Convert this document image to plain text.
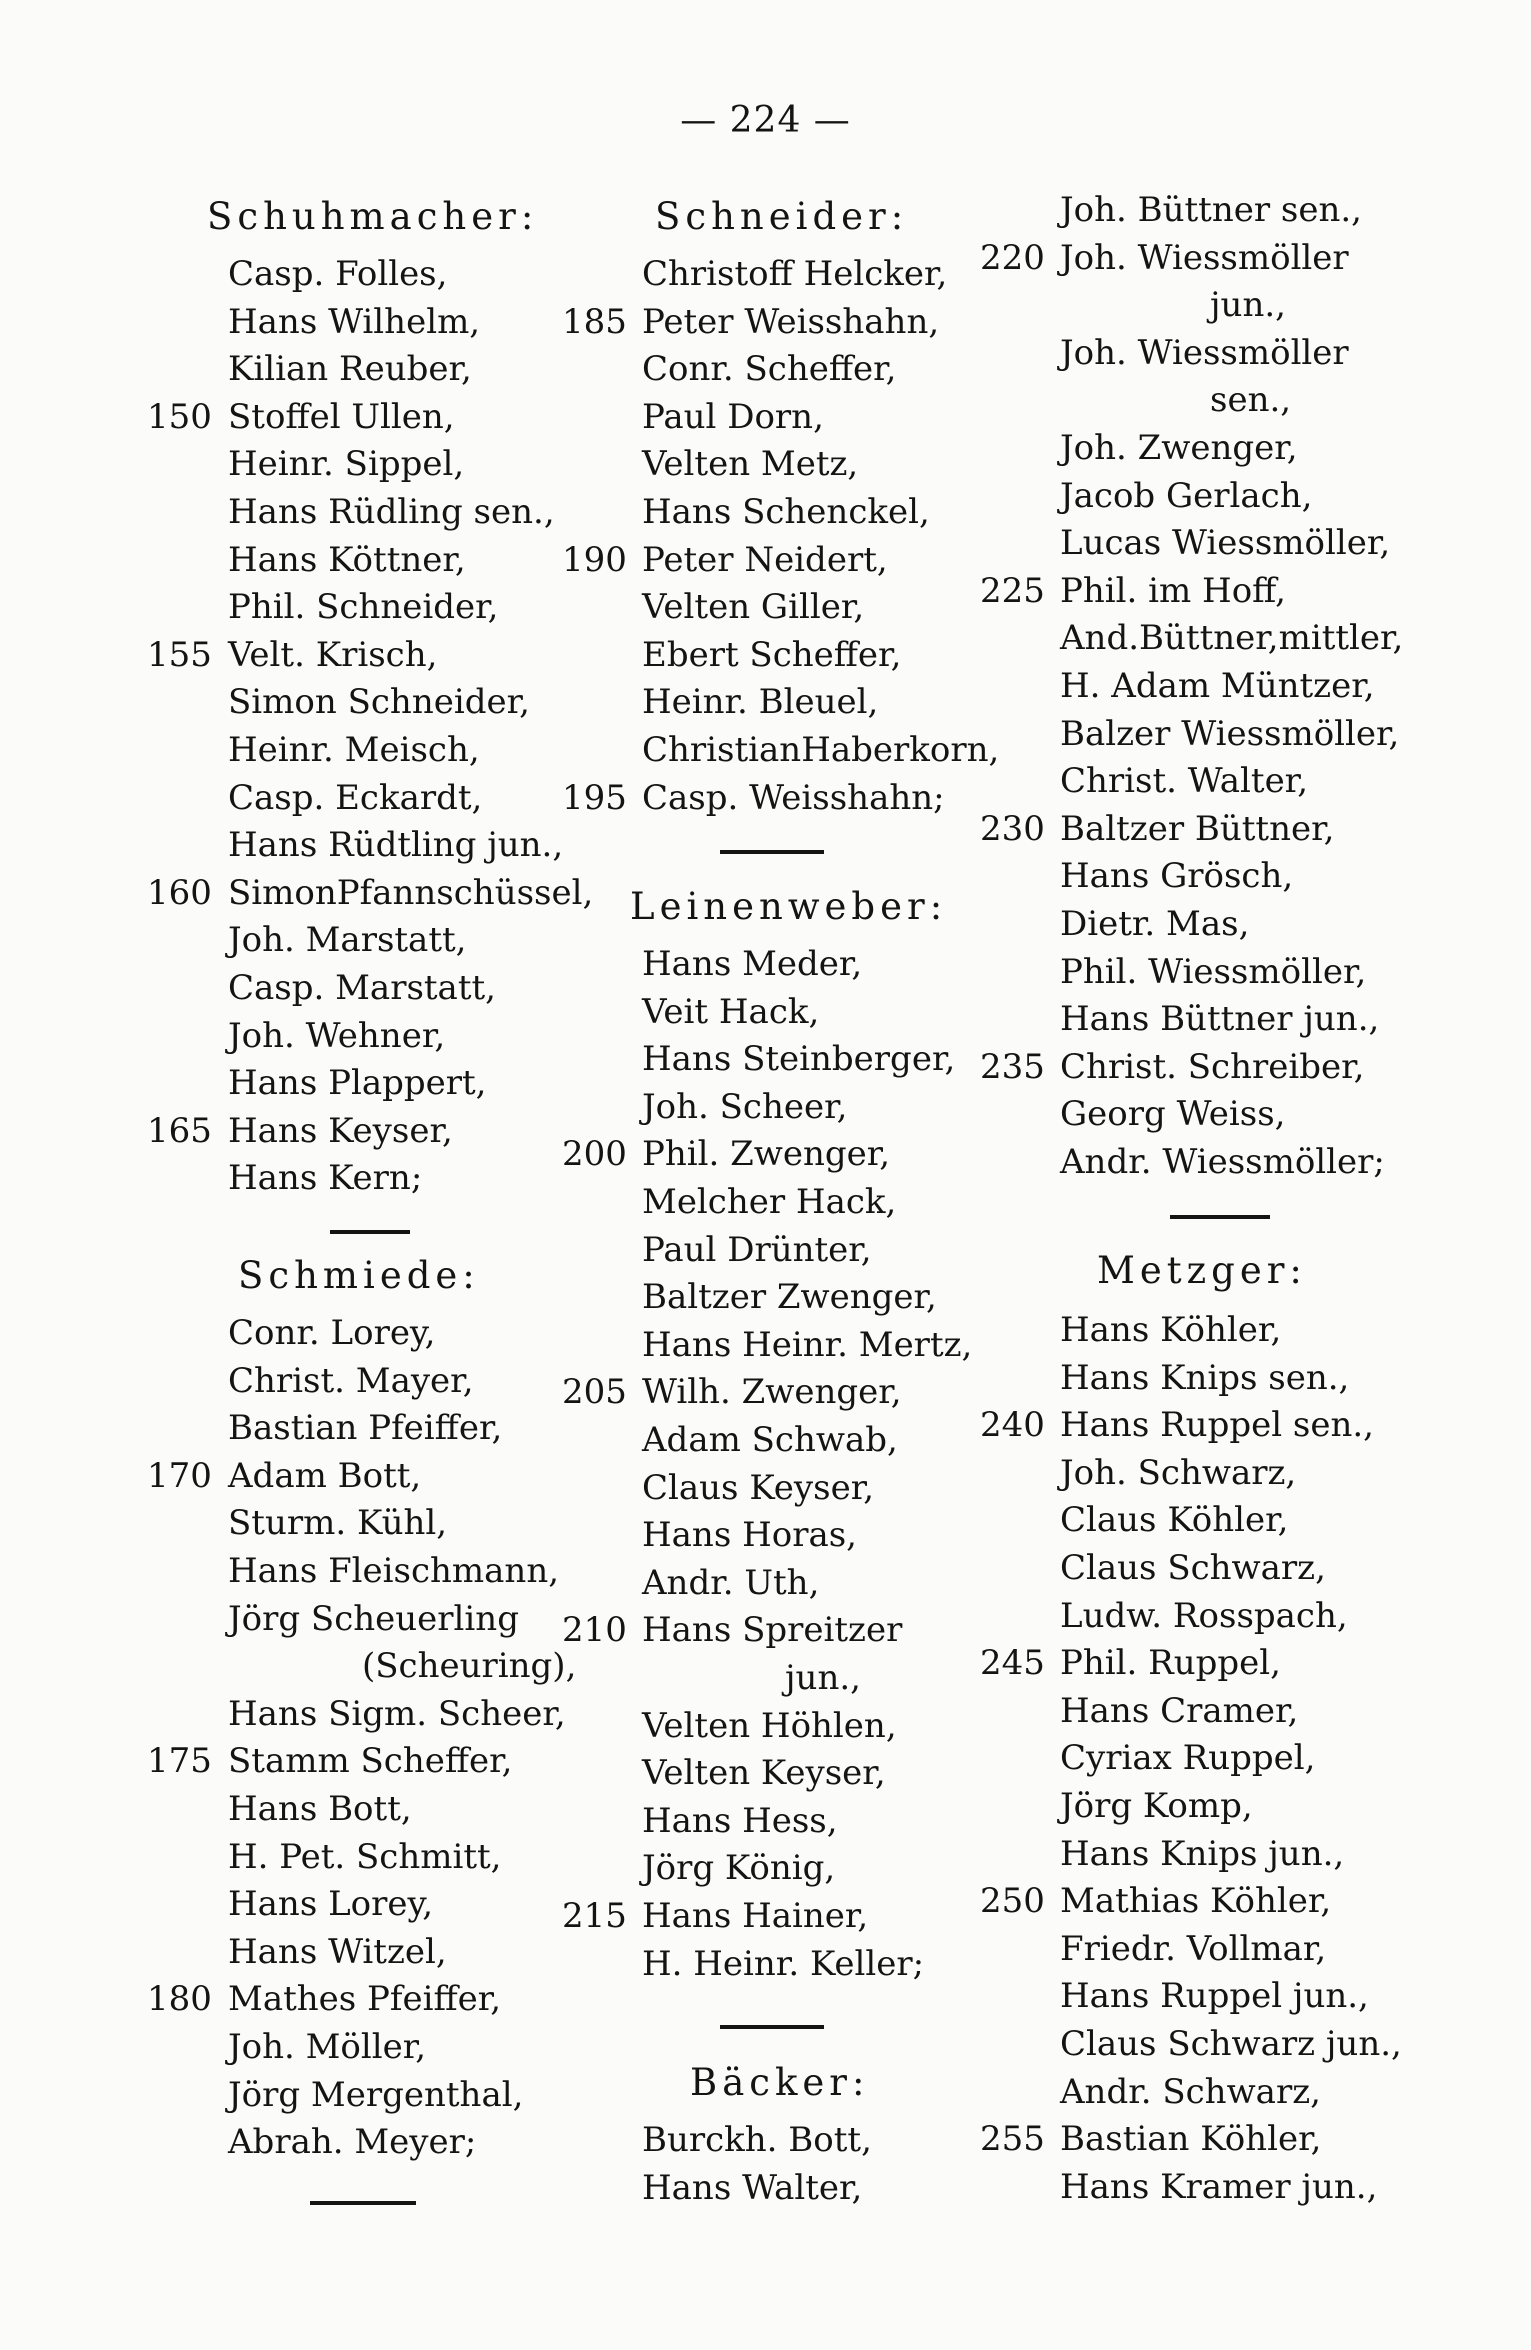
— 224 —
Schuhmacher:
Casp. Folles,
Hans Wilhelm,
Kilian Reuber,
Stoffel Ullen,
150
Heinr. Sippel,
Hans Rüdling sen.,
Hans Köttner,
Phil. Schneider,
Velt. Krisch,
155
Simon Schneider,
Heinr. Meisch,
Casp. Eckardt,
Hans Rüdtling jun.,
SimonPfannschüssel,
160
Joh. Marstatt,
Casp. Marstatt,
Joh. Wehner,
Hans Plappert,
Hans Keyser,
165
Hans Kern;
Schmiede:
Conr. Lorey,
Christ. Mayer,
Bastian Pfeiffer,
Adam Bott,
170
Sturm. Kühl,
Hans Fleischmann,
Jörg Scheuerling
(Scheuring),
Hans Sigm. Scheer,
Stamm Scheffer,
175
Hans Bott,
H. Pet. Schmitt,
Hans Lorey,
Hans Witzel,
Mathes Pfeiffer,
180
Joh. Möller,
Jörg Mergenthal,
Abrah. Meyer;
Schneider:
Christoff Helcker,
Peter Weisshahn,
185
Conr. Scheffer,
Paul Dorn,
Velten Metz,
Hans Schenckel,
Peter Neidert,
190
Velten Giller,
Ebert Scheffer,
Heinr. Bleuel,
ChristianHaberkorn,
Casp. Weisshahn;
195
Leinenweber:
Hans Meder,
Veit Hack,
Hans Steinberger,
Joh. Scheer,
Phil. Zwenger,
200
Melcher Hack,
Paul Drünter,
Baltzer Zwenger,
Hans Heinr. Mertz,
Wilh. Zwenger,
205
Adam Schwab,
Claus Keyser,
Hans Horas,
Andr. Uth,
Hans Spreitzer
210
jun.,
Velten Höhlen,
Velten Keyser,
Hans Hess,
Jörg König,
Hans Hainer,
215
H. Heinr. Keller;
Bäcker:
Burckh. Bott,
Hans Walter,
Joh. Büttner sen.,
Joh. Wiessmöller
220
jun.,
Joh. Wiessmöller
sen.,
Joh. Zwenger,
Jacob Gerlach,
Lucas Wiessmöller,
Phil. im Hoff,
225
And.Büttner,mittler,
H. Adam Müntzer,
Balzer Wiessmöller,
Christ. Walter,
Baltzer Büttner,
230
Hans Grösch,
Dietr. Mas,
Phil. Wiessmöller,
Hans Büttner jun.,
Christ. Schreiber,
235
Georg Weiss,
Andr. Wiessmöller;
Metzger:
Hans Köhler,
Hans Knips sen.,
Hans Ruppel sen.,
240
Joh. Schwarz,
Claus Köhler,
Claus Schwarz,
Ludw. Rosspach,
Phil. Ruppel,
245
Hans Cramer,
Cyriax Ruppel,
Jörg Komp,
Hans Knips jun.,
Mathias Köhler,
250
Friedr. Vollmar,
Hans Ruppel jun.,
Claus Schwarz jun.,
Andr. Schwarz,
Bastian Köhler,
255
Hans Kramer jun.,
